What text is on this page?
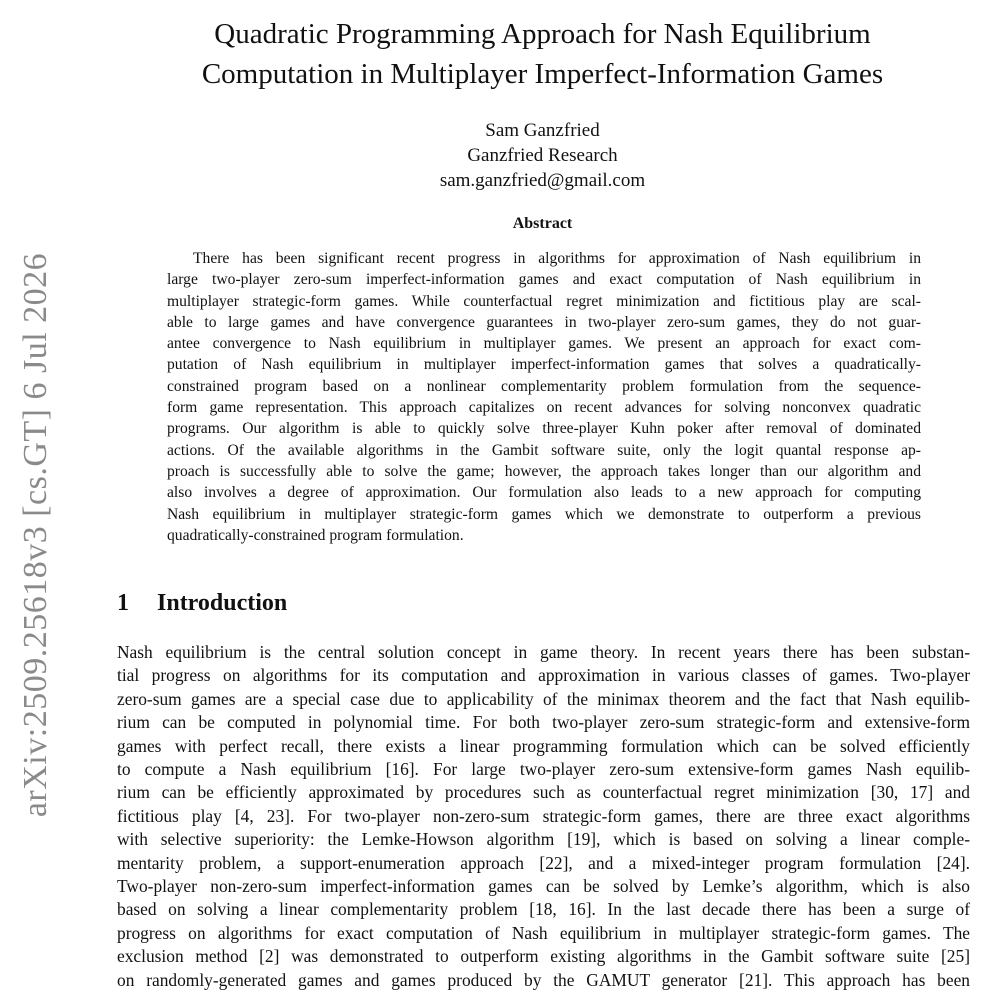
arXiv:2509.25618v3 [cs.GT] 6 Jul 2026
Quadratic Programming Approach for Nash Equilibrium
Computation in Multiplayer Imperfect-Information Games
Sam Ganzfried
Ganzfried Research
sam.ganzfried@gmail.com
Abstract

There has been significant recent progress in algorithms for approximation of Nash equilibrium in
large two-player zero-sum imperfect-information games and exact computation of Nash equilibrium in
multiplayer strategic-form games. While counterfactual regret minimization and fictitious play are scal-
able to large games and have convergence guarantees in two-player zero-sum games, they do not guar-
antee convergence to Nash equilibrium in multiplayer games. We present an approach for exact com-
putation of Nash equilibrium in multiplayer imperfect-information games that solves a quadratically-
constrained program based on a nonlinear complementarity problem formulation from the sequence-
form game representation. This approach capitalizes on recent advances for solving nonconvex quadratic
programs. Our algorithm is able to quickly solve three-player Kuhn poker after removal of dominated
actions. Of the available algorithms in the Gambit software suite, only the logit quantal response ap-
proach is successfully able to solve the game; however, the approach takes longer than our algorithm and
also involves a degree of approximation. Our formulation also leads to a new approach for computing
Nash equilibrium in multiplayer strategic-form games which we demonstrate to outperform a previous
quadratically-constrained program formulation.

1 Introduction

Nash equilibrium is the central solution concept in game theory. In recent years there has been substan-
tial progress on algorithms for its computation and approximation in various classes of games. Two-player
zero-sum games are a special case due to applicability of the minimax theorem and the fact that Nash equilib-
rium can be computed in polynomial time. For both two-player zero-sum strategic-form and extensive-form
games with perfect recall, there exists a linear programming formulation which can be solved efficiently
to compute a Nash equilibrium [16]. For large two-player zero-sum extensive-form games Nash equilib-
rium can be efficiently approximated by procedures such as counterfactual regret minimization [30, 17] and
fictitious play [4, 23]. For two-player non-zero-sum strategic-form games, there are three exact algorithms
with selective superiority: the Lemke-Howson algorithm [19], which is based on solving a linear comple-
mentarity problem, a support-enumeration approach [22], and a mixed-integer program formulation [24].
Two-player non-zero-sum imperfect-information games can be solved by Lemke’s algorithm, which is also
based on solving a linear complementarity problem [18, 16]. In the last decade there has been a surge of
progress on algorithms for exact computation of Nash equilibrium in multiplayer strategic-form games. The
exclusion method [2] was demonstrated to outperform existing algorithms in the Gambit software suite [25]
on randomly-generated games and games produced by the GAMUT generator [21]. This approach has been
